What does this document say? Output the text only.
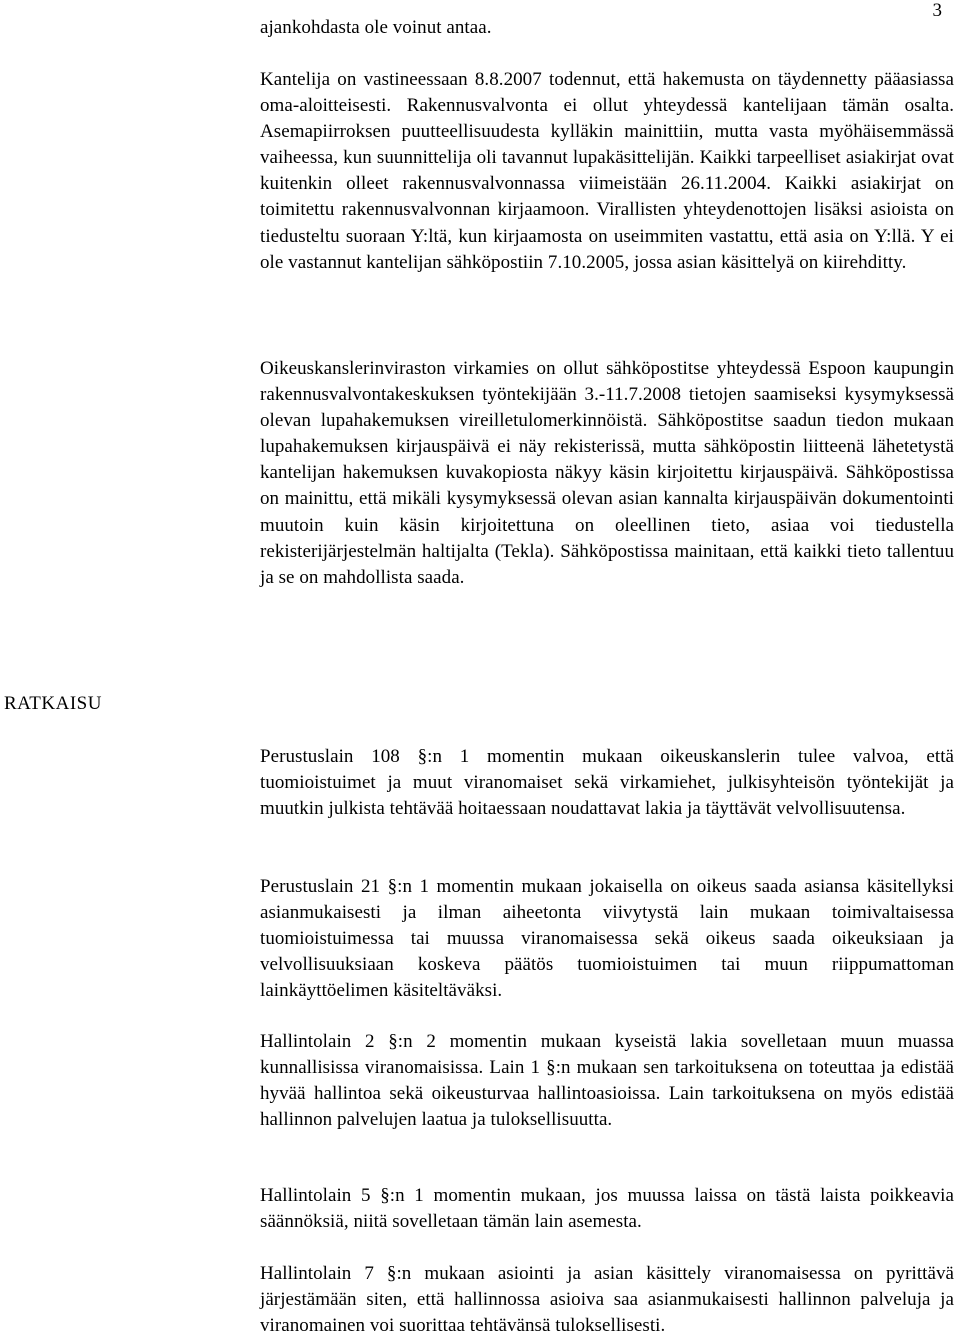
3

ajankohdasta ole voinut antaa.

Kantelija on vastineessaan 8.8.2007 todennut, että hakemusta on täydennetty pääasiassa oma-aloitteisesti. Rakennusvalvonta ei ollut yhteydessä kantelijaan tämän osalta. Asemapiirroksen puutteellisuudesta kylläkin mainittiin, mutta vasta myöhäisemmässä vaiheessa, kun suunnittelija oli tavannut lupakäsittelijän. Kaikki tarpeelliset asiakirjat ovat kuitenkin olleet rakennusvalvonnassa viimeistään 26.11.2004. Kaikki asiakirjat on toimitettu rakennusvalvonnan kirjaamoon. Virallisten yhteydenottojen lisäksi asioista on tiedusteltu suoraan Y:ltä, kun kirjaamosta on useimmiten vastattu, että asia on Y:llä. Y ei ole vastannut kantelijan sähköpostiin 7.10.2005, jossa asian käsittelyä on kiirehditty.

Oikeuskanslerinviraston virkamies on ollut sähköpostitse yhteydessä Espoon kaupungin rakennusvalvontakeskuksen työntekijään 3.-11.7.2008 tietojen saamiseksi kysymyksessä olevan lupahakemuksen vireilletulomerkinnöistä. Sähköpostitse saadun tiedon mukaan lupahakemuksen kirjauspäivä ei näy rekisterissä, mutta sähköpostin liitteenä lähetetystä kantelijan hakemuksen kuvakopiosta näkyy käsin kirjoitettu kirjauspäivä. Sähköpostissa on mainittu, että mikäli kysymyksessä olevan asian kannalta kirjauspäivän dokumentointi muutoin kuin käsin kirjoitettuna on oleellinen tieto, asiaa voi tiedustella rekisterijärjestelmän haltijalta (Tekla). Sähköpostissa mainitaan, että kaikki tieto tallentuu ja se on mahdollista saada.

RATKAISU

Perustuslain 108 §:n 1 momentin mukaan oikeuskanslerin tulee valvoa, että tuomioistuimet ja muut viranomaiset sekä virkamiehet, julkisyhteisön työntekijät ja muutkin julkista tehtävää hoitaessaan noudattavat lakia ja täyttävät velvollisuutensa.

Perustuslain 21 §:n 1 momentin mukaan jokaisella on oikeus saada asiansa käsitellyksi asianmukaisesti ja ilman aiheetonta viivytystä lain mukaan toimivaltaisessa tuomioistuimessa tai muussa viranomaisessa sekä oikeus saada oikeuksiaan ja velvollisuuksiaan koskeva päätös tuomioistuimen tai muun riippumattoman lainkäyttöelimen käsiteltäväksi.

Hallintolain 2 §:n 2 momentin mukaan kyseistä lakia sovelletaan muun muassa kunnallisissa viranomaisissa. Lain 1 §:n mukaan sen tarkoituksena on toteuttaa ja edistää hyvää hallintoa sekä oikeusturvaa hallintoasioissa. Lain tarkoituksena on myös edistää hallinnon palvelujen laatua ja tuloksellisuutta.

Hallintolain 5 §:n 1 momentin mukaan, jos muussa laissa on tästä laista poikkeavia säännöksiä, niitä sovelletaan tämän lain asemesta.

Hallintolain 7 §:n mukaan asiointi ja asian käsittely viranomaisessa on pyrittävä järjestämään siten, että hallinnossa asioiva saa asianmukaisesti hallinnon palveluja ja viranomainen voi suorittaa tehtävänsä tuloksellisesti.
